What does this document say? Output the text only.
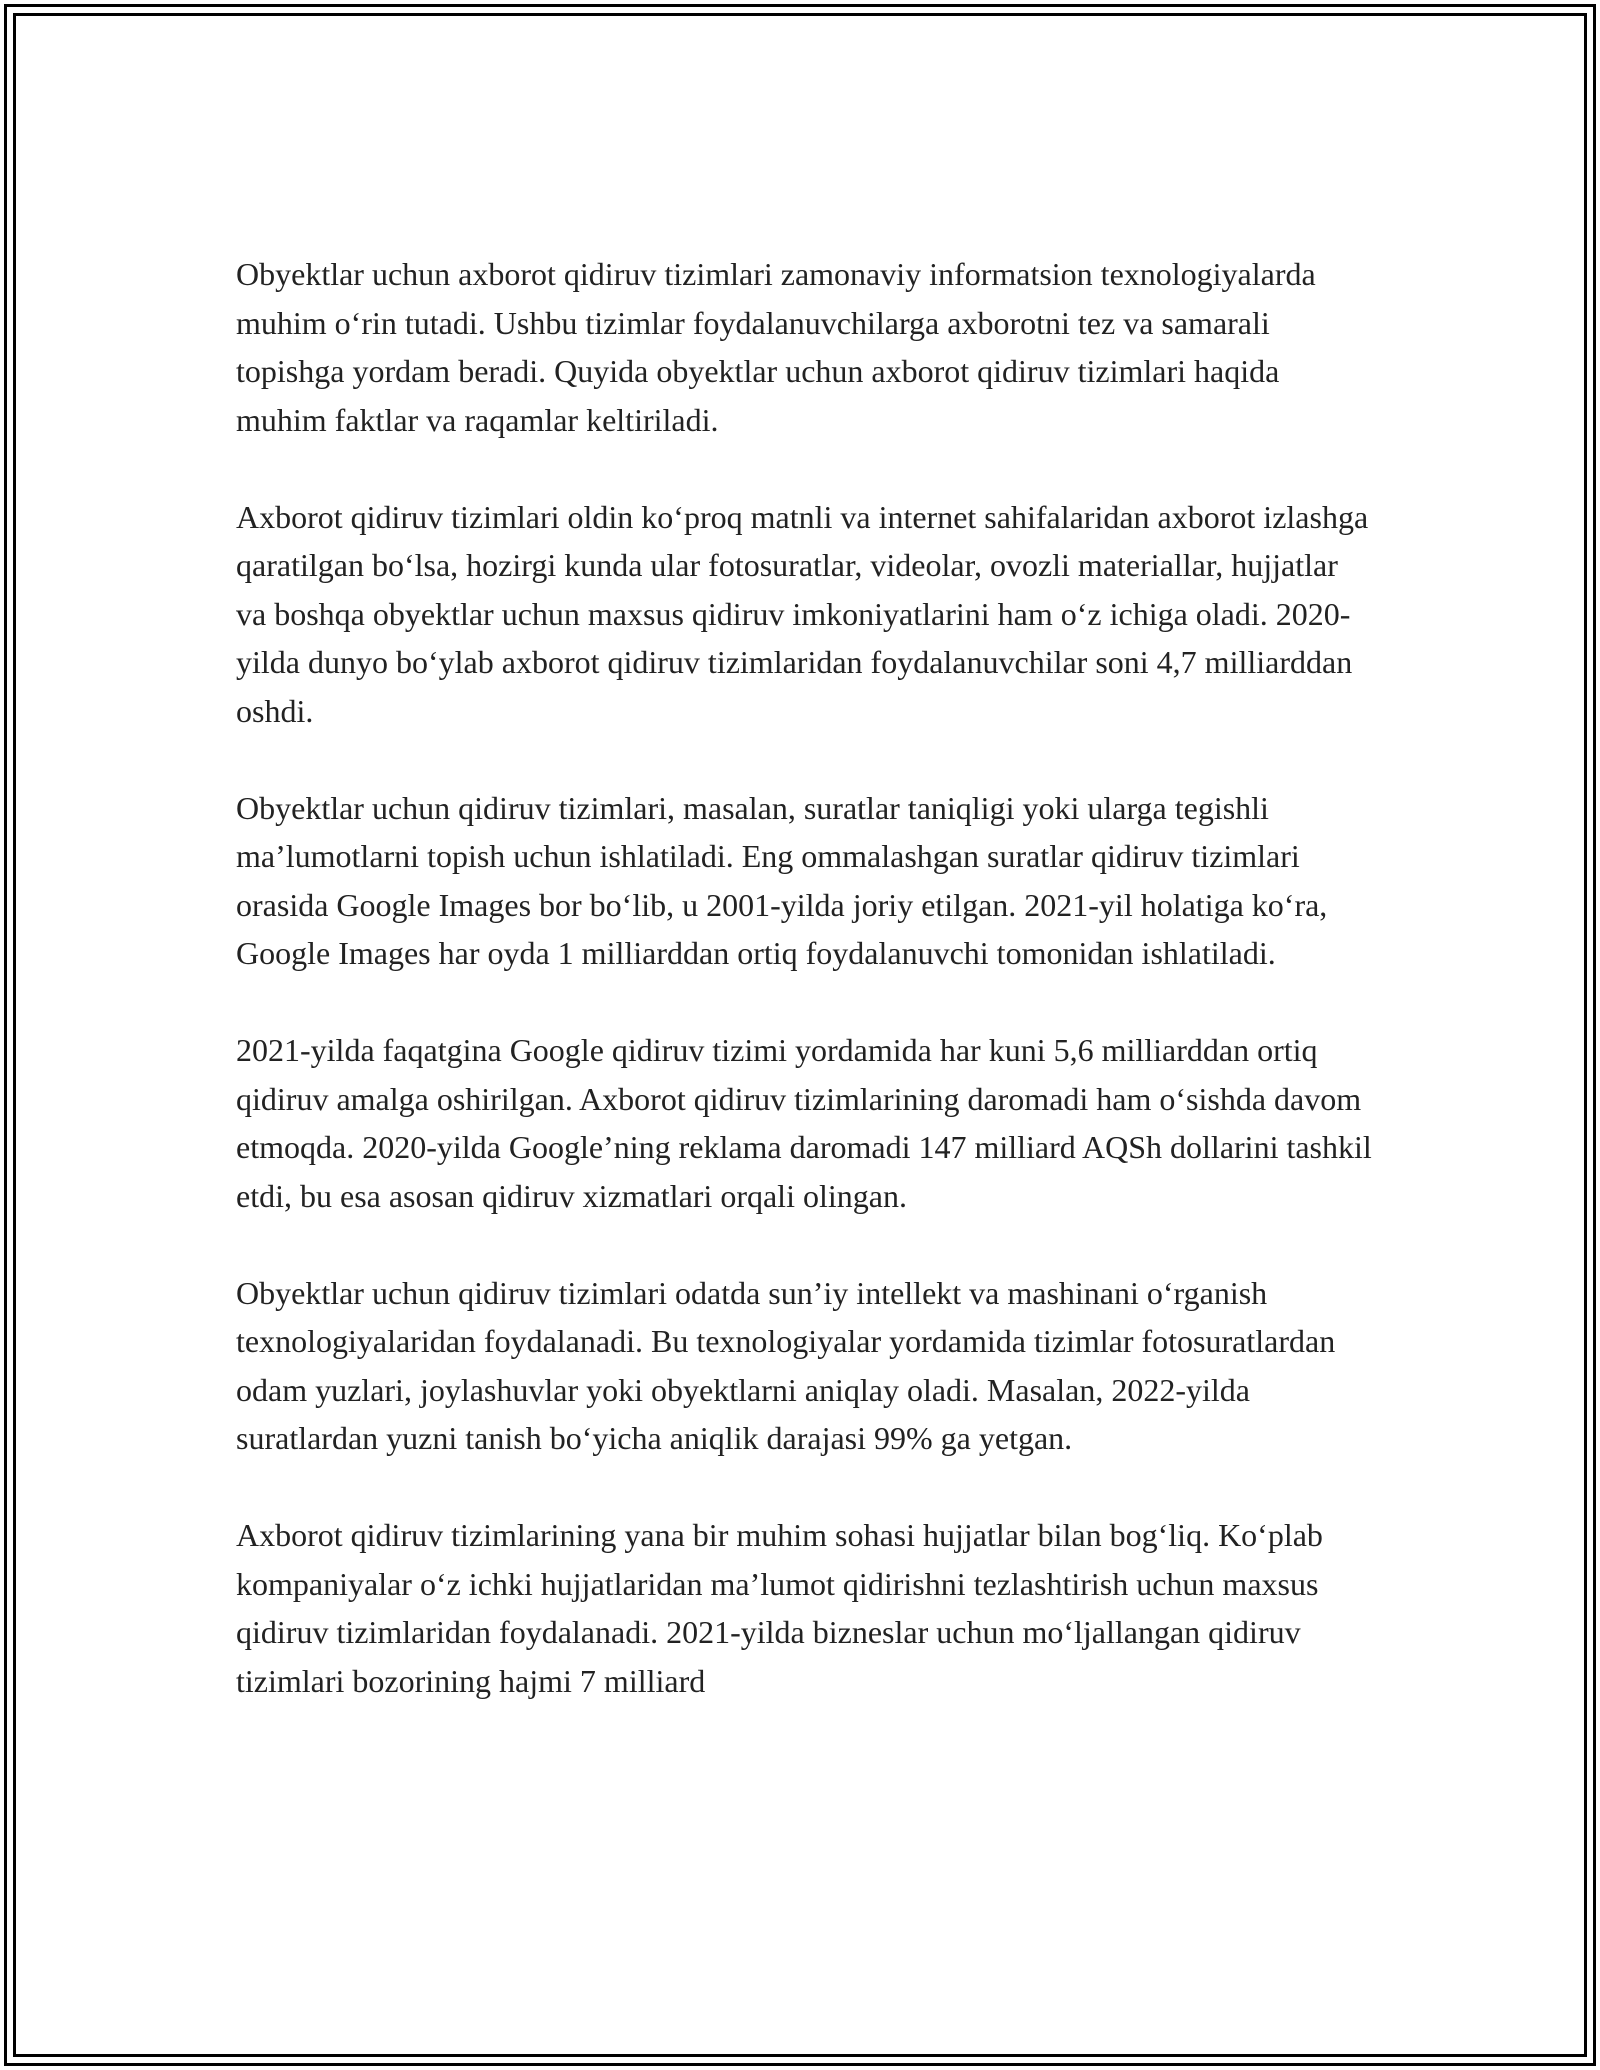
Obyektlar uchun axborot qidiruv tizimlari zamonaviy informatsion texnologiyalarda muhim oʻrin tutadi. Ushbu tizimlar foydalanuvchilarga axborotni tez va samarali topishga yordam beradi. Quyida obyektlar uchun axborot qidiruv tizimlari haqida muhim faktlar va raqamlar keltiriladi.

Axborot qidiruv tizimlari oldin koʻproq matnli va internet sahifalaridan axborot izlashga qaratilgan boʻlsa, hozirgi kunda ular fotosuratlar, videolar, ovozli materiallar, hujjatlar va boshqa obyektlar uchun maxsus qidiruv imkoniyatlarini ham oʻz ichiga oladi. 2020-yilda dunyo boʻylab axborot qidiruv tizimlaridan foydalanuvchilar soni 4,7 milliarddan oshdi.

Obyektlar uchun qidiruv tizimlari, masalan, suratlar taniqligi yoki ularga tegishli maʼlumotlarni topish uchun ishlatiladi. Eng ommalashgan suratlar qidiruv tizimlari orasida Google Images bor boʻlib, u 2001-yilda joriy etilgan. 2021-yil holatiga koʻra, Google Images har oyda 1 milliarddan ortiq foydalanuvchi tomonidan ishlatiladi.

2021-yilda faqatgina Google qidiruv tizimi yordamida har kuni 5,6 milliarddan ortiq qidiruv amalga oshirilgan. Axborot qidiruv tizimlarining daromadi ham oʻsishda davom etmoqda. 2020-yilda Google’ning reklama daromadi 147 milliard AQSh dollarini tashkil etdi, bu esa asosan qidiruv xizmatlari orqali olingan.

Obyektlar uchun qidiruv tizimlari odatda sun’iy intellekt va mashinani oʻrganish texnologiyalaridan foydalanadi. Bu texnologiyalar yordamida tizimlar fotosuratlardan odam yuzlari, joylashuvlar yoki obyektlarni aniqlay oladi. Masalan, 2022-yilda suratlardan yuzni tanish boʻyicha aniqlik darajasi 99% ga yetgan.

Axborot qidiruv tizimlarining yana bir muhim sohasi hujjatlar bilan bogʻliq. Koʻplab kompaniyalar oʻz ichki hujjatlaridan maʼlumot qidirishni tezlashtirish uchun maxsus qidiruv tizimlaridan foydalanadi. 2021-yilda bizneslar uchun moʻljallangan qidiruv tizimlari bozorining hajmi 7 milliard
